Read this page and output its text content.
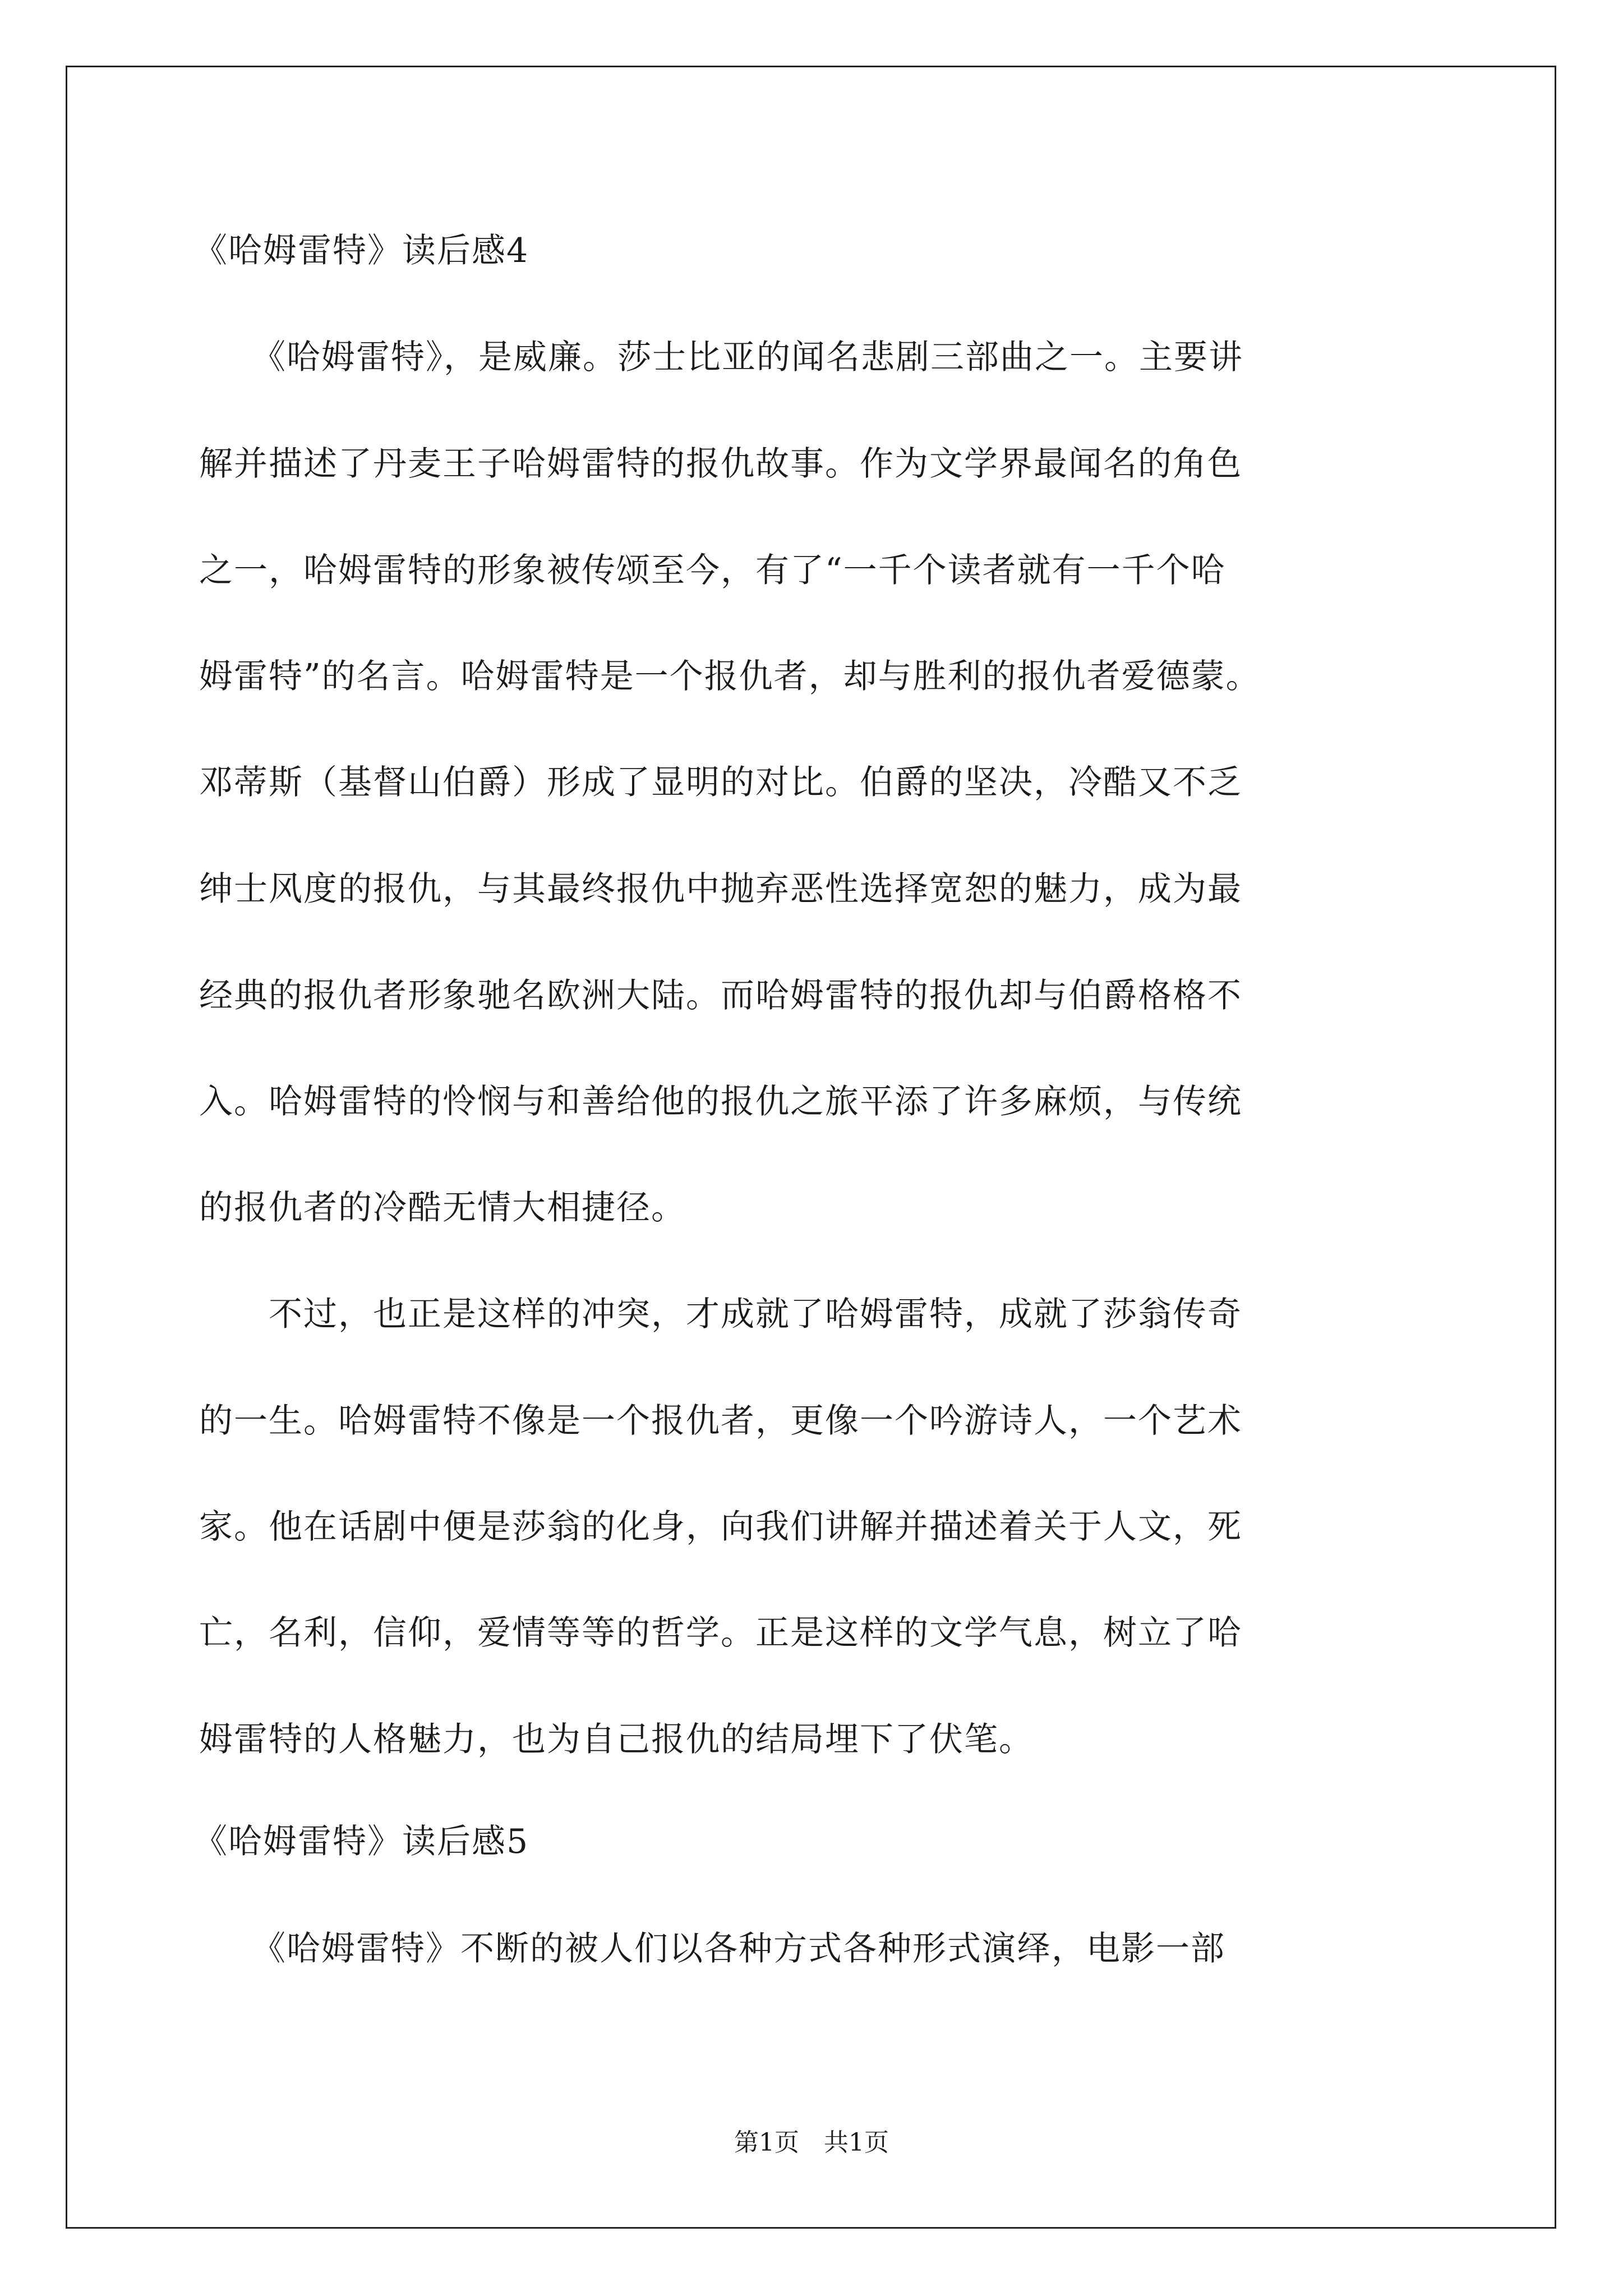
《哈姆雷特》读后感4
　　《哈姆雷特》，是威廉。莎士比亚的闻名悲剧三部曲之一。主要讲
解并描述了丹麦王子哈姆雷特的报仇故事。作为文学界最闻名的角色
之一，哈姆雷特的形象被传颂至今，有了“一千个读者就有一千个哈
姆雷特”的名言。哈姆雷特是一个报仇者，却与胜利的报仇者爱德蒙。
邓蒂斯（基督山伯爵）形成了显明的对比。伯爵的坚决，冷酷又不乏
绅士风度的报仇，与其最终报仇中抛弃恶性选择宽恕的魅力，成为最
经典的报仇者形象驰名欧洲大陆。而哈姆雷特的报仇却与伯爵格格不
入。哈姆雷特的怜悯与和善给他的报仇之旅平添了许多麻烦，与传统
的报仇者的冷酷无情大相捷径。
　　不过，也正是这样的冲突，才成就了哈姆雷特，成就了莎翁传奇
的一生。哈姆雷特不像是一个报仇者，更像一个吟游诗人，一个艺术
家。他在话剧中便是莎翁的化身，向我们讲解并描述着关于人文，死
亡，名利，信仰，爱情等等的哲学。正是这样的文学气息，树立了哈
姆雷特的人格魅力，也为自己报仇的结局埋下了伏笔。
《哈姆雷特》读后感5
　　《哈姆雷特》不断的被人们以各种方式各种形式演绎，电影一部
第1页　共1页
